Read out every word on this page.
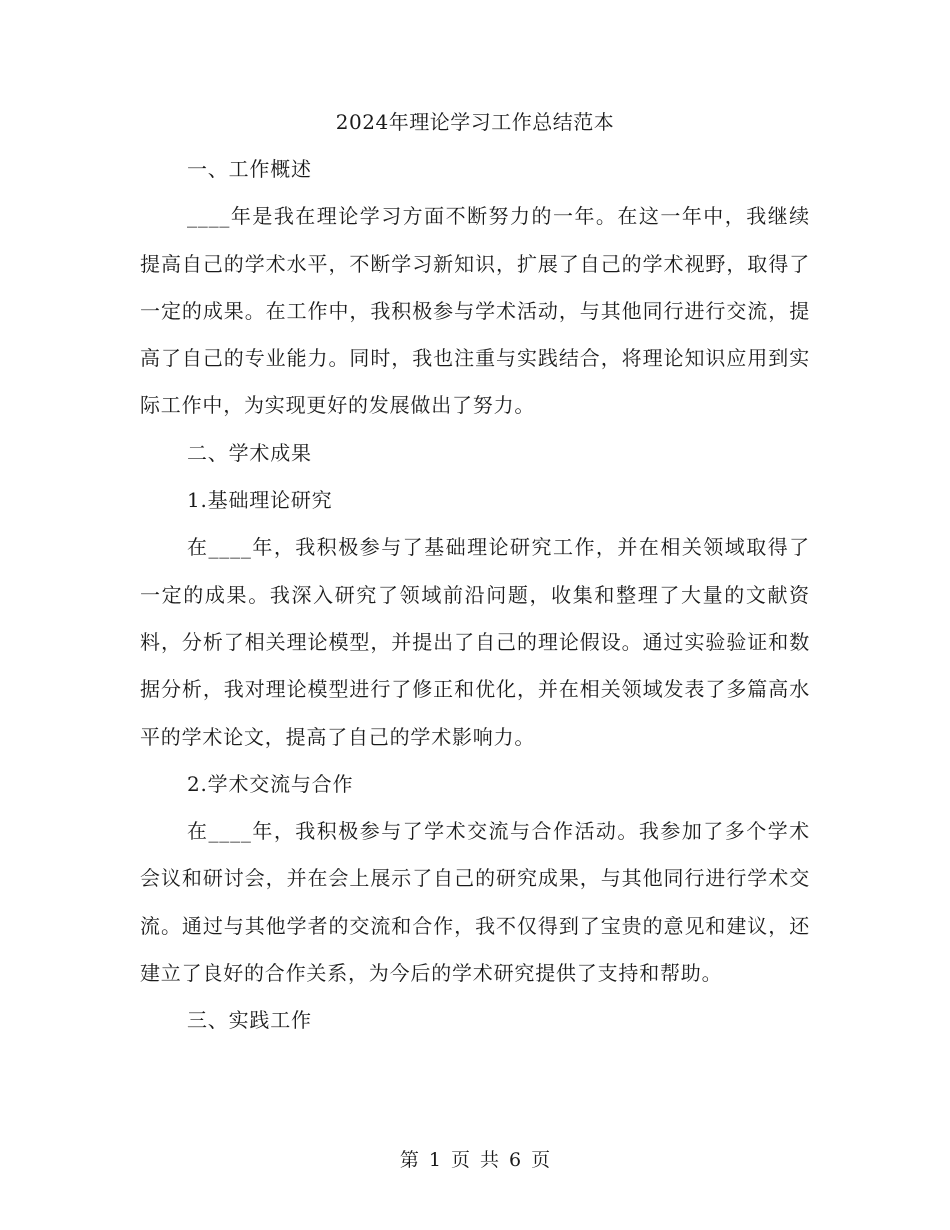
2024年理论学习工作总结范本

一、工作概述

____年是我在理论学习方面不断努力的一年。在这一年中，我继续提高自己的学术水平，不断学习新知识，扩展了自己的学术视野，取得了一定的成果。在工作中，我积极参与学术活动，与其他同行进行交流，提高了自己的专业能力。同时，我也注重与实践结合，将理论知识应用到实际工作中，为实现更好的发展做出了努力。

二、学术成果

1.基础理论研究

在____年，我积极参与了基础理论研究工作，并在相关领域取得了一定的成果。我深入研究了领域前沿问题，收集和整理了大量的文献资料，分析了相关理论模型，并提出了自己的理论假设。通过实验验证和数据分析，我对理论模型进行了修正和优化，并在相关领域发表了多篇高水平的学术论文，提高了自己的学术影响力。

2.学术交流与合作

在____年，我积极参与了学术交流与合作活动。我参加了多个学术会议和研讨会，并在会上展示了自己的研究成果，与其他同行进行学术交流。通过与其他学者的交流和合作，我不仅得到了宝贵的意见和建议，还建立了良好的合作关系，为今后的学术研究提供了支持和帮助。

三、实践工作

第 1 页 共 6 页
